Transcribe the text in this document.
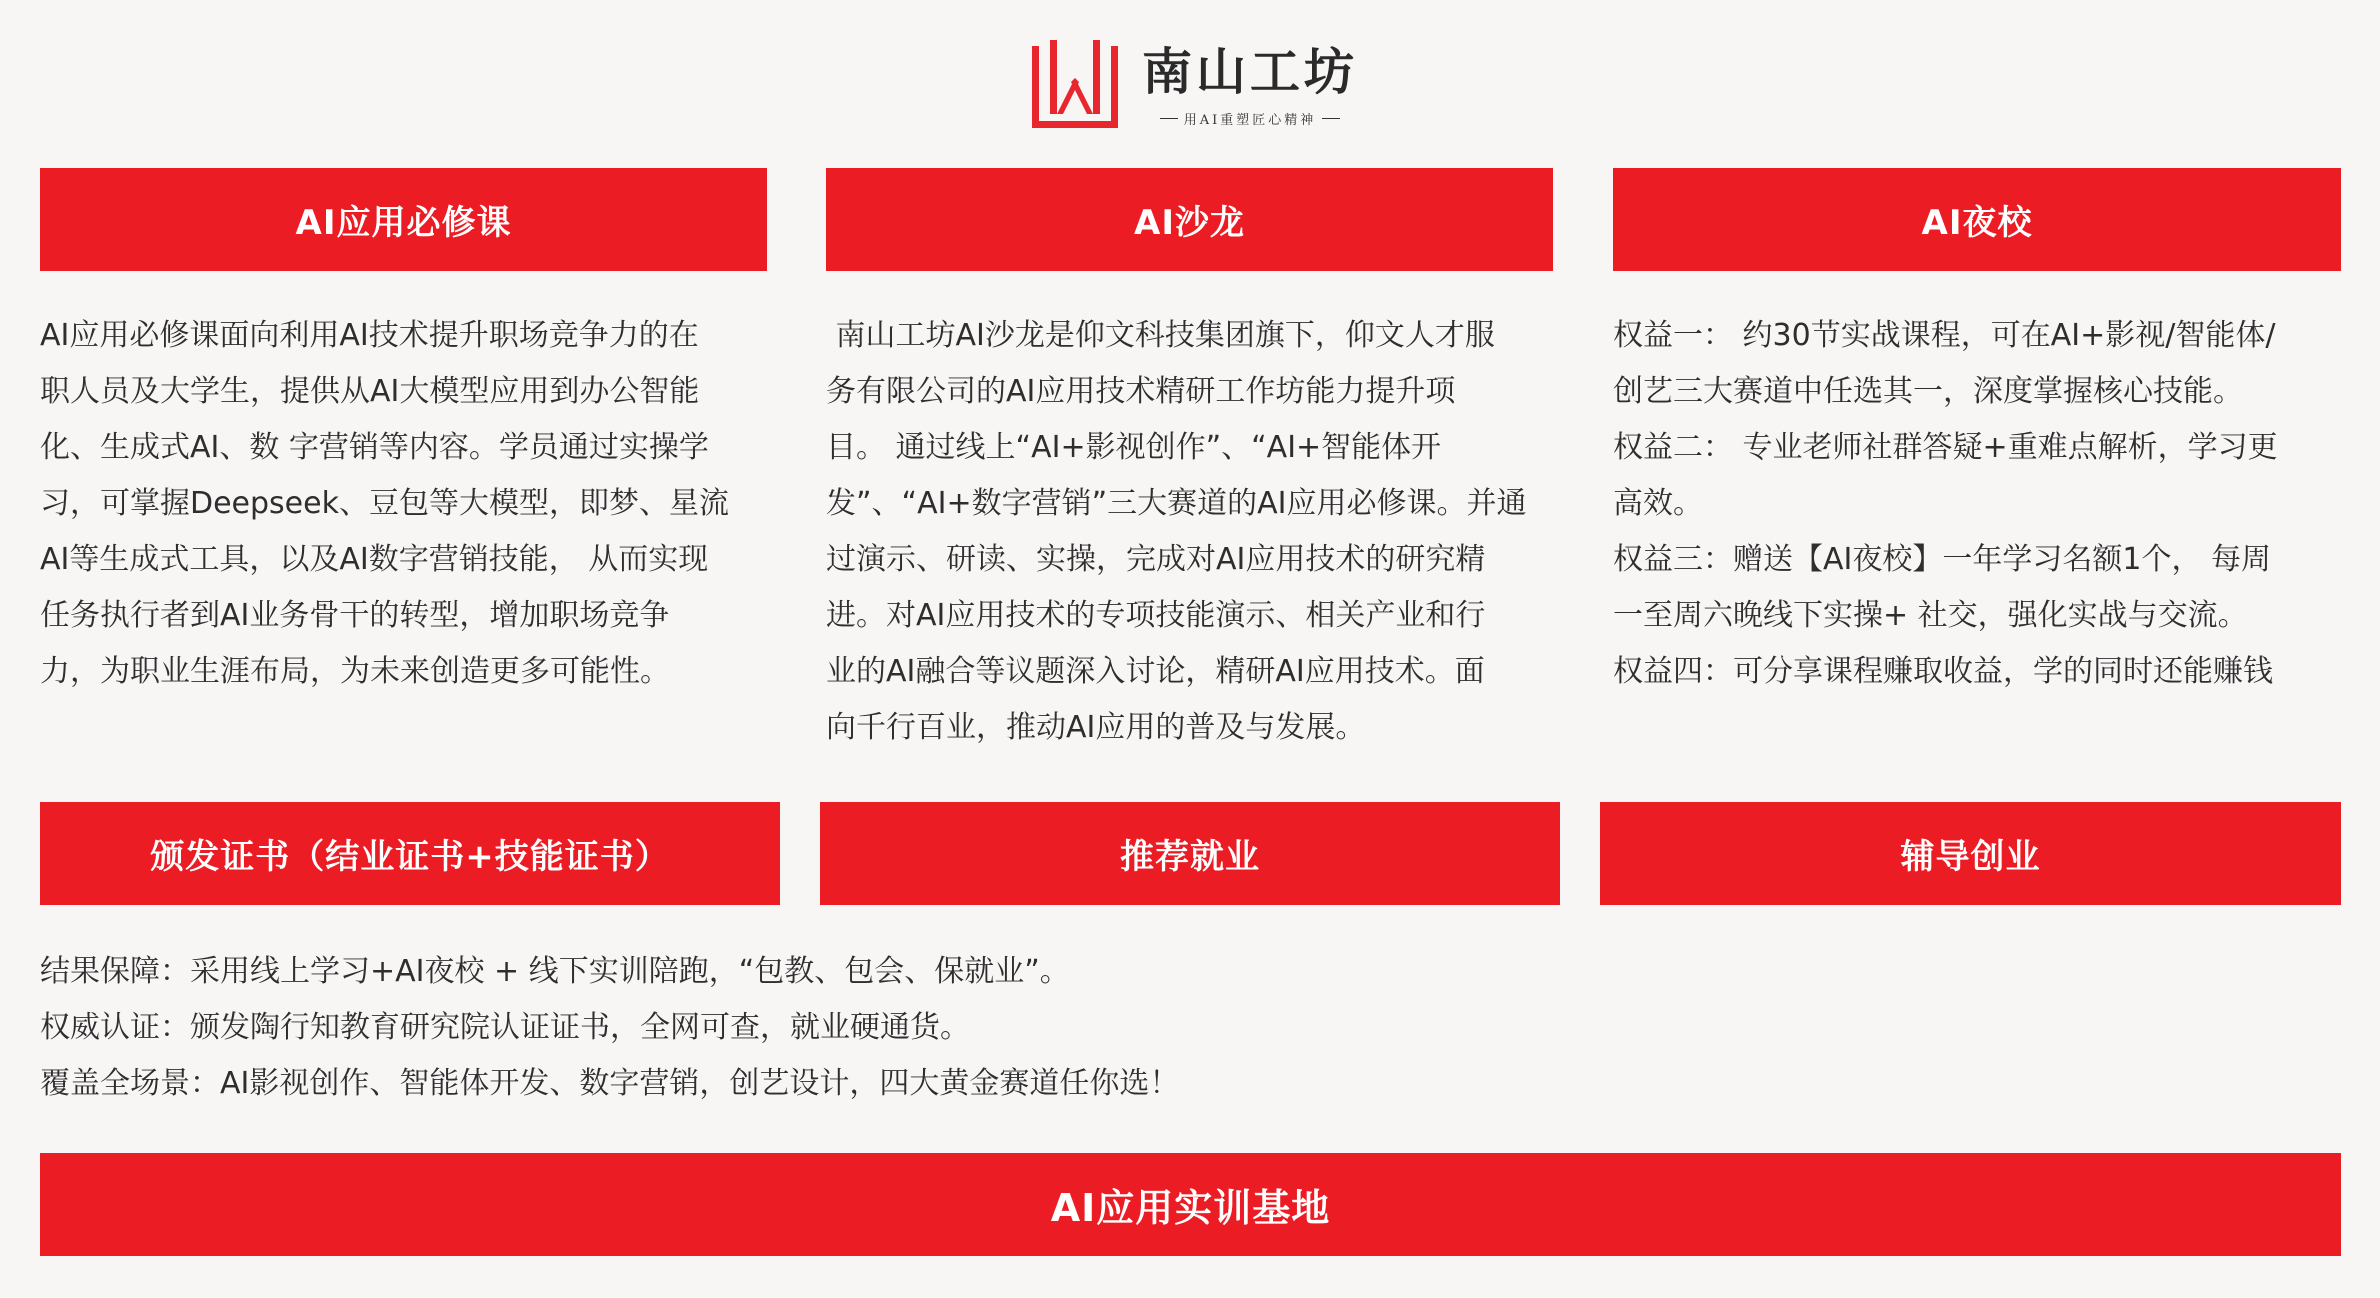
南山工坊
用AI重塑匠心精神
AI应用必修课	AI沙龙	AI夜校

AI应用必修课面向利用AI技术提升职场竞争力的在

职人员及大学生，提供从AI大模型应用到办公智能

化、生成式AI、数 字营销等内容。学员通过实操学

习，可掌握Deepseek、豆包等大模型，即梦、星流

AI等生成式工具，以及AI数字营销技能， 从而实现

任务执行者到AI业务骨干的转型，增加职场竞争

力，为职业生涯布局，为未来创造更多可能性。

南山工坊AI沙龙是仰文科技集团旗下，仰文人才服

务有限公司的AI应用技术精研工作坊能力提升项

目。 通过线上“AI+影视创作”、“AI+智能体开

发”、“AI+数字营销”三大赛道的AI应用必修课。并通

过演示、研读、实操，完成对AI应用技术的研究精

进。对AI应用技术的专项技能演示、相关产业和行

业的AI融合等议题深入讨论，精研AI应用技术。面

向千行百业，推动AI应用的普及与发展。

权益一： 约30节实战课程，可在AI+影视/智能体/

创艺三大赛道中任选其一，深度掌握核心技能。

权益二： 专业老师社群答疑+重难点解析，学习更

高效。

权益三：赠送【AI夜校】一年学习名额1个， 每周

一至周六晚线下实操+ 社交，强化实战与交流。

权益四：可分享课程赚取收益，学的同时还能赚钱

颁发证书（结业证书+技能证书）	推荐就业	辅导创业

结果保障：采用线上学习+AI夜校 + 线下实训陪跑，“包教、包会、保就业”。

权威认证：颁发陶行知教育研究院认证证书，全网可查，就业硬通货。

覆盖全场景：AI影视创作、智能体开发、数字营销，创艺设计，四大黄金赛道任你选！

AI应用实训基地
